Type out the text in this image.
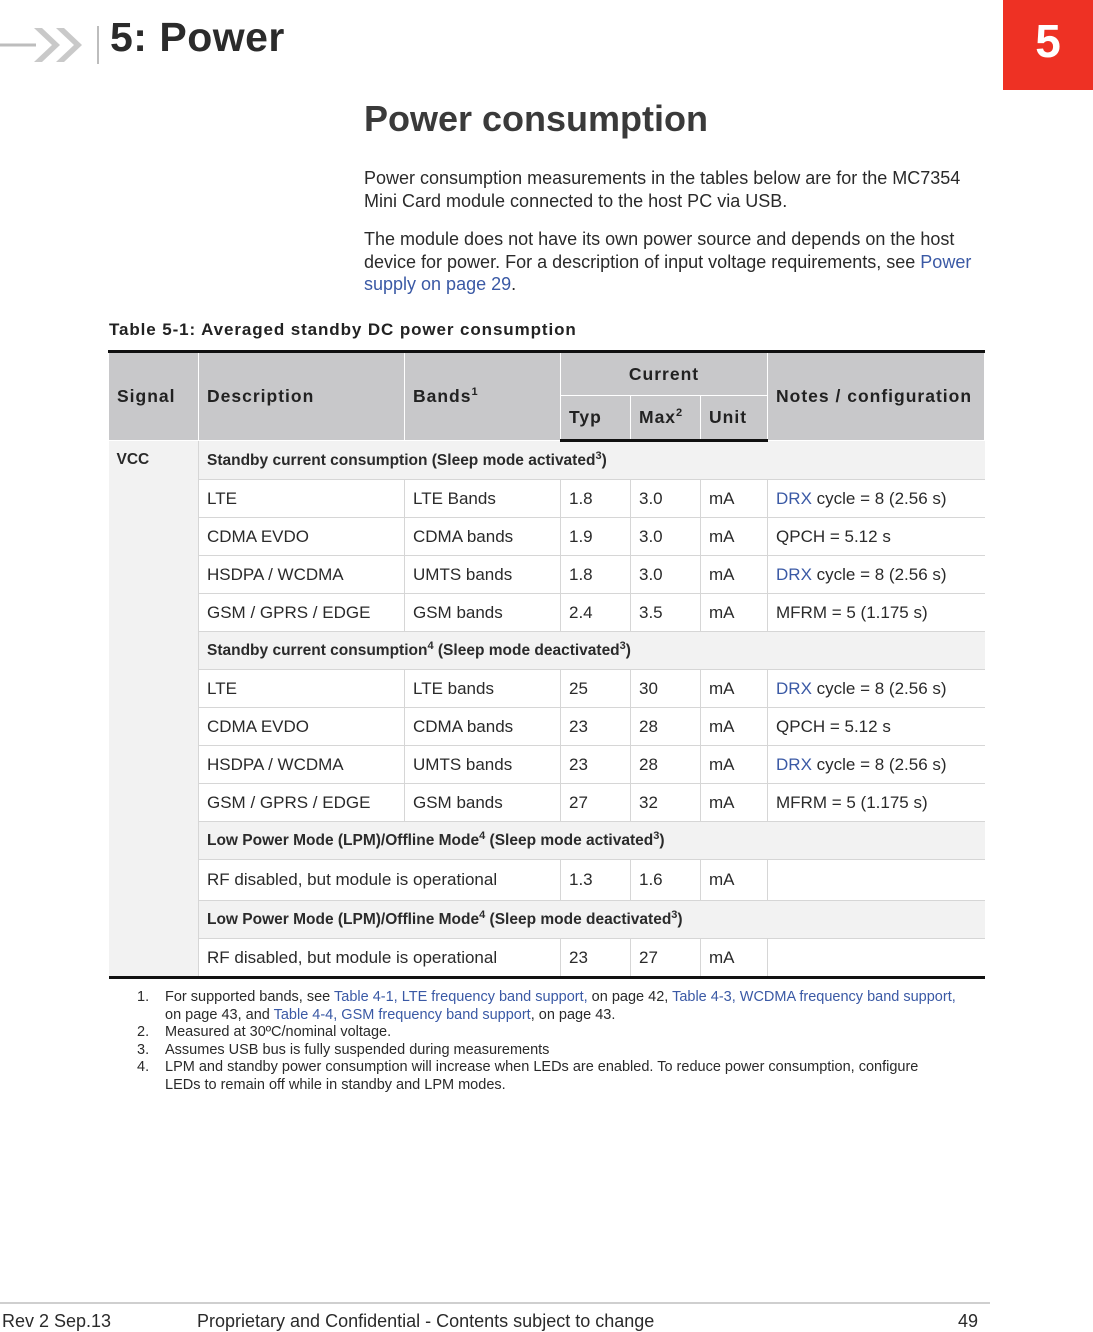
5: Power	5
Power consumption

Power consumption measurements in the tables below are for the MC7354 Mini Card module connected to the host PC via USB.

The module does not have its own power source and depends on the host device for power. For a description of input voltage requirements, see Power supply on page 29.

Table 5-1: Averaged standby DC power consumption

Signal	Description	Bands$^1$	Current			Notes / configuration
			Typ	Max$^2$	Unit	
VCC	Standby current consumption (Sleep mode activated$^3$)					
	LTE	LTE Bands	1.8	3.0	mA	DRX cycle = 8 (2.56 s)
	CDMA EVDO	CDMA bands	1.9	3.0	mA	QPCH = 5.12 s
	HSDPA / WCDMA	UMTS bands	1.8	3.0	mA	DRX cycle = 8 (2.56 s)
	GSM / GPRS / EDGE	GSM bands	2.4	3.5	mA	MFRM = 5 (1.175 s)
	Standby current consumption$^4$ (Sleep mode deactivated$^3$)					
	LTE	LTE bands	25	30	mA	DRX cycle = 8 (2.56 s)
	CDMA EVDO	CDMA bands	23	28	mA	QPCH = 5.12 s
	HSDPA / WCDMA	UMTS bands	23	28	mA	DRX cycle = 8 (2.56 s)
	GSM / GPRS / EDGE	GSM bands	27	32	mA	MFRM = 5 (1.175 s)
	Low Power Mode (LPM)/Offline Mode$^4$ (Sleep mode activated$^3$)					
	RF disabled, but module is operational		1.3	1.6	mA	
	Low Power Mode (LPM)/Offline Mode$^4$ (Sleep mode deactivated$^3$)					
	RF disabled, but module is operational		23	27	mA	
1. For supported bands, see Table 4-1, LTE frequency band support, on page 42, Table 4-3, WCDMA frequency band support, on page 43, and Table 4-4, GSM frequency band support, on page 43.
2. Measured at 30ºC/nominal voltage.
3. Assumes USB bus is fully suspended during measurements
4. LPM and standby power consumption will increase when LEDs are enabled. To reduce power consumption, configure LEDs to remain off while in standby and LPM modes.
Rev 2 Sep.13	Proprietary and Confidential - Contents subject to change	49
